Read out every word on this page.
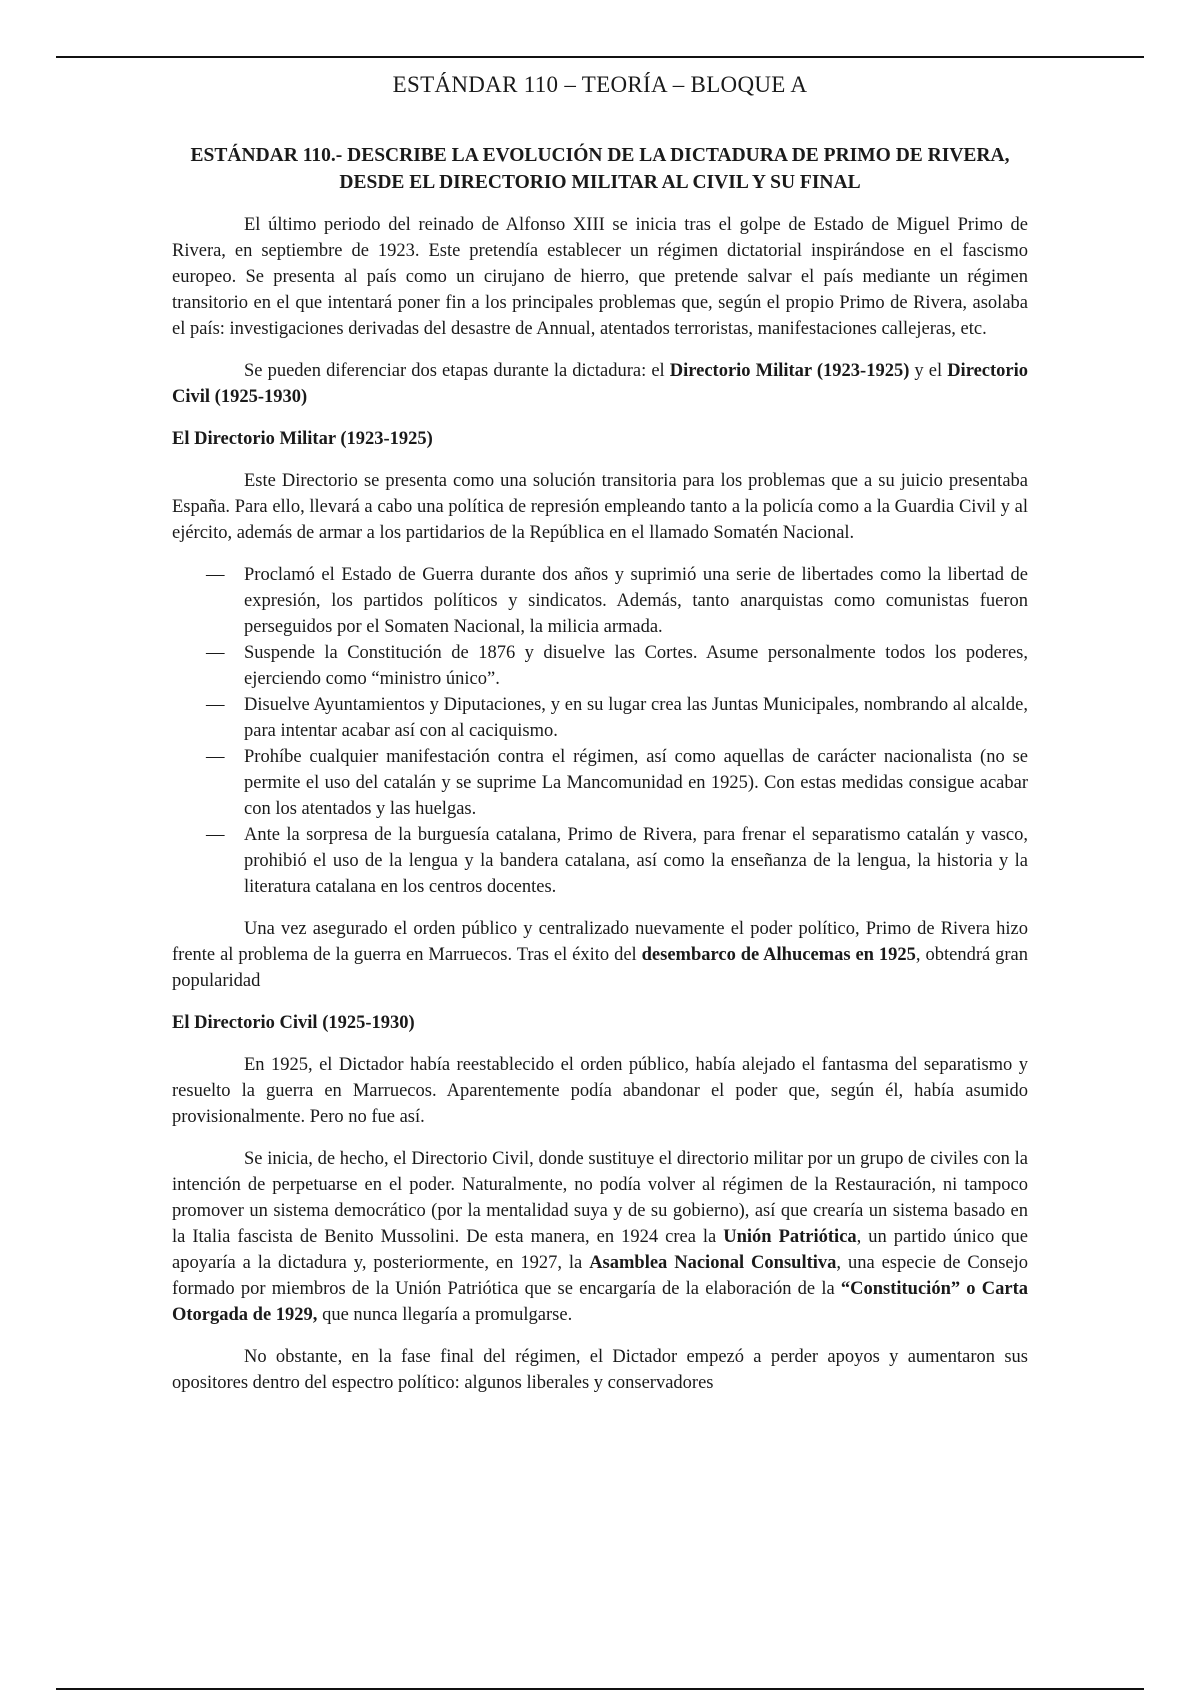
ESTÁNDAR 110 – TEORÍA – BLOQUE A
ESTÁNDAR 110.- DESCRIBE LA EVOLUCIÓN DE LA DICTADURA DE PRIMO DE RIVERA, DESDE EL DIRECTORIO MILITAR AL CIVIL Y SU FINAL

El último periodo del reinado de Alfonso XIII se inicia tras el golpe de Estado de Miguel Primo de Rivera, en septiembre de 1923. Este pretendía establecer un régimen dictatorial inspirándose en el fascismo europeo. Se presenta al país como un cirujano de hierro, que pretende salvar el país mediante un régimen transitorio en el que intentará poner fin a los principales problemas que, según el propio Primo de Rivera, asolaba el país: investigaciones derivadas del desastre de Annual, atentados terroristas, manifestaciones callejeras, etc.

Se pueden diferenciar dos etapas durante la dictadura: el Directorio Militar (1923-1925) y el Directorio Civil (1925-1930)

El Directorio Militar (1923-1925)

Este Directorio se presenta como una solución transitoria para los problemas que a su juicio presentaba España. Para ello, llevará a cabo una política de represión empleando tanto a la policía como a la Guardia Civil y al ejército, además de armar a los partidarios de la República en el llamado Somatén Nacional.

— Proclamó el Estado de Guerra durante dos años y suprimió una serie de libertades como la libertad de expresión, los partidos políticos y sindicatos. Además, tanto anarquistas como comunistas fueron perseguidos por el Somaten Nacional, la milicia armada.
— Suspende la Constitución de 1876 y disuelve las Cortes. Asume personalmente todos los poderes, ejerciendo como “ministro único”.
— Disuelve Ayuntamientos y Diputaciones, y en su lugar crea las Juntas Municipales, nombrando al alcalde, para intentar acabar así con al caciquismo.
— Prohíbe cualquier manifestación contra el régimen, así como aquellas de carácter nacionalista (no se permite el uso del catalán y se suprime La Mancomunidad en 1925). Con estas medidas consigue acabar con los atentados y las huelgas.
— Ante la sorpresa de la burguesía catalana, Primo de Rivera, para frenar el separatismo catalán y vasco, prohibió el uso de la lengua y la bandera catalana, así como la enseñanza de la lengua, la historia y la literatura catalana en los centros docentes.

Una vez asegurado el orden público y centralizado nuevamente el poder político, Primo de Rivera hizo frente al problema de la guerra en Marruecos. Tras el éxito del desembarco de Alhucemas en 1925, obtendrá gran popularidad

El Directorio Civil (1925-1930)

En 1925, el Dictador había reestablecido el orden público, había alejado el fantasma del separatismo y resuelto la guerra en Marruecos. Aparentemente podía abandonar el poder que, según él, había asumido provisionalmente. Pero no fue así.

Se inicia, de hecho, el Directorio Civil, donde sustituye el directorio militar por un grupo de civiles con la intención de perpetuarse en el poder. Naturalmente, no podía volver al régimen de la Restauración, ni tampoco promover un sistema democrático (por la mentalidad suya y de su gobierno), así que crearía un sistema basado en la Italia fascista de Benito Mussolini. De esta manera, en 1924 crea la Unión Patriótica, un partido único que apoyaría a la dictadura y, posteriormente, en 1927, la Asamblea Nacional Consultiva, una especie de Consejo formado por miembros de la Unión Patriótica que se encargaría de la elaboración de la “Constitución” o Carta Otorgada de 1929, que nunca llegaría a promulgarse.

No obstante, en la fase final del régimen, el Dictador empezó a perder apoyos y aumentaron sus opositores dentro del espectro político: algunos liberales y conservadores
